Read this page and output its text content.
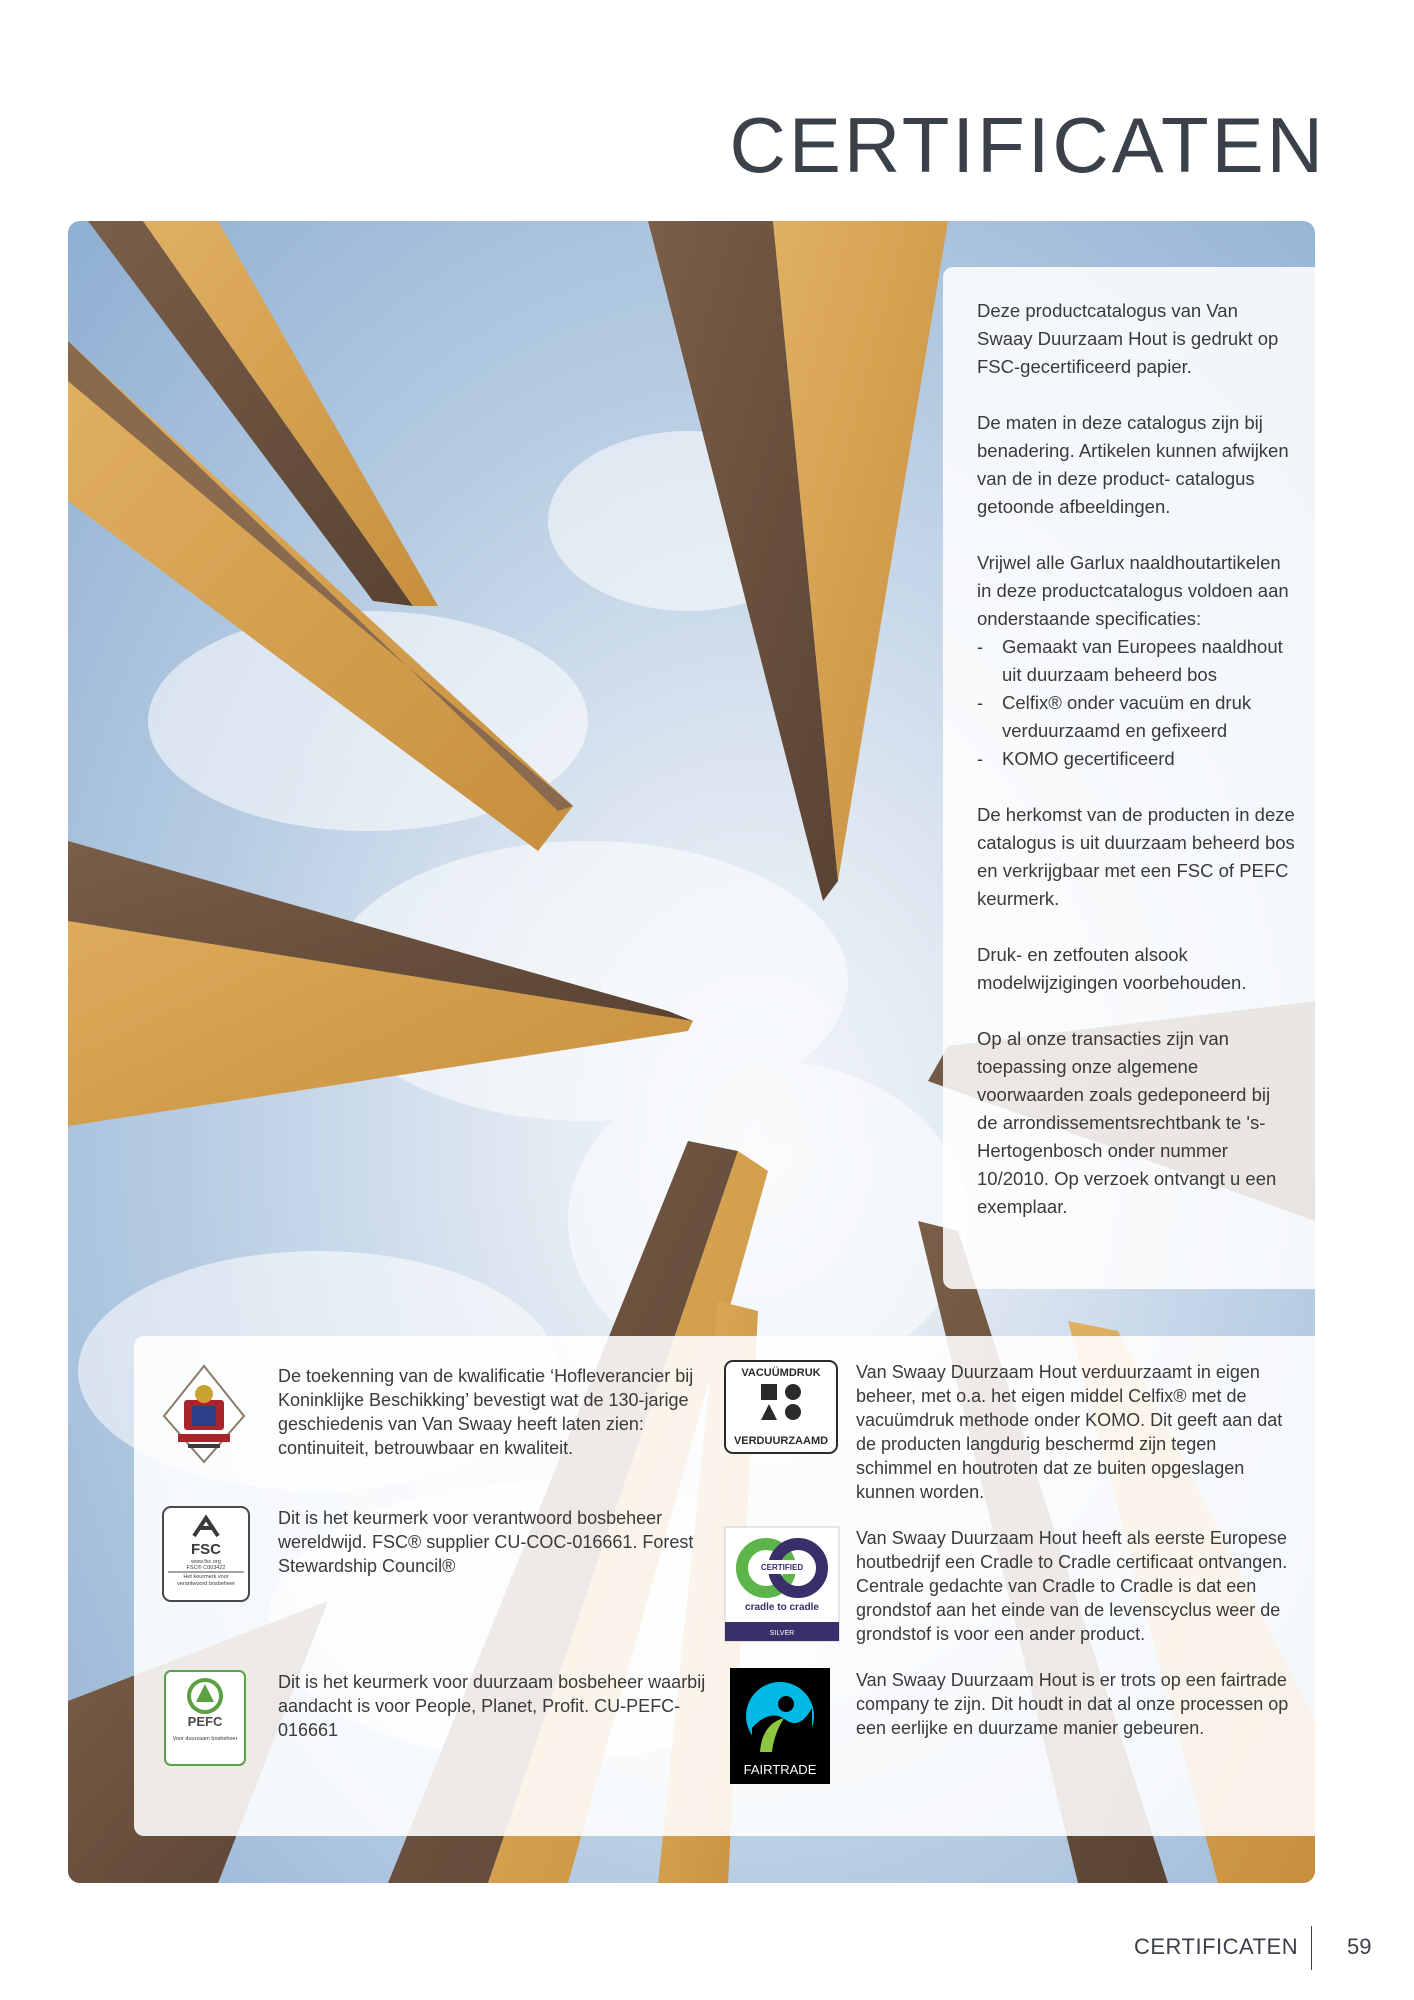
CERTIFICATEN

Deze productcatalogus van Van Swaay Duurzaam Hout is gedrukt op FSC-gecertificeerd papier.

De maten in deze catalogus zijn bij benadering. Artikelen kunnen afwijken van de in deze product- catalogus getoonde afbeeldingen.

Vrijwel alle Garlux naaldhoutartikelen in deze productcatalogus voldoen aan onderstaande specificaties:

- Gemaakt van Europees naaldhout uit duurzaam beheerd bos
- Celfix® onder vacuüm en druk verduurzaamd en gefixeerd
- KOMO gecertificeerd

De herkomst van de producten in deze catalogus is uit duurzaam beheerd bos en verkrijgbaar met een FSC of PEFC keurmerk.

Druk- en zetfouten alsook modelwijzigingen voorbehouden.

Op al onze transacties zijn van toepassing onze algemene voorwaarden zoals gedeponeerd bij de arrondissementsrechtbank te 's-Hertogenbosch onder nummer 10/2010. Op verzoek ontvangt u een exemplaar.

De toekenning van de kwalificatie ‘Hofleverancier bij Koninklijke Beschikking’ bevestigt wat de 130-jarige geschiedenis van Van Swaay heeft laten zien: continuiteit, betrouwbaar en kwaliteit.
FSC
www.fsc.org
FSC® C003422
Het keurmerk voor verantwoord bosbeheer
Dit is het keurmerk voor verantwoord bosbeheer wereldwijd. FSC® supplier CU-COC-016661. Forest Stewardship Council®
PEFC
Voor duurzaam bosbeheer
Dit is het keurmerk voor duurzaam bosbeheer waarbij aandacht is voor People, Planet, Profit. CU-PEFC-016661
VACUÜMDRUK
VERDUURZAAMD
Van Swaay Duurzaam Hout verduurzaamt in eigen beheer, met o.a. het eigen middel Celfix® met de vacuümdruk methode onder KOMO. Dit geeft aan dat de producten langdurig beschermd zijn tegen schimmel en houtroten dat ze buiten opgeslagen kunnen worden.
CERTIFIED
cradle to cradle
SILVER
Van Swaay Duurzaam Hout heeft als eerste Europese houtbedrijf een Cradle to Cradle certificaat ontvangen. Centrale gedachte van Cradle to Cradle is dat een grondstof aan het einde van de levenscyclus weer de grondstof is voor een ander product.
FAIRTRADE
Van Swaay Duurzaam Hout is er trots op een fairtrade company te zijn. Dit houdt in dat al onze processen op een eerlijke en duurzame manier gebeuren.
CERTIFICATEN 59
